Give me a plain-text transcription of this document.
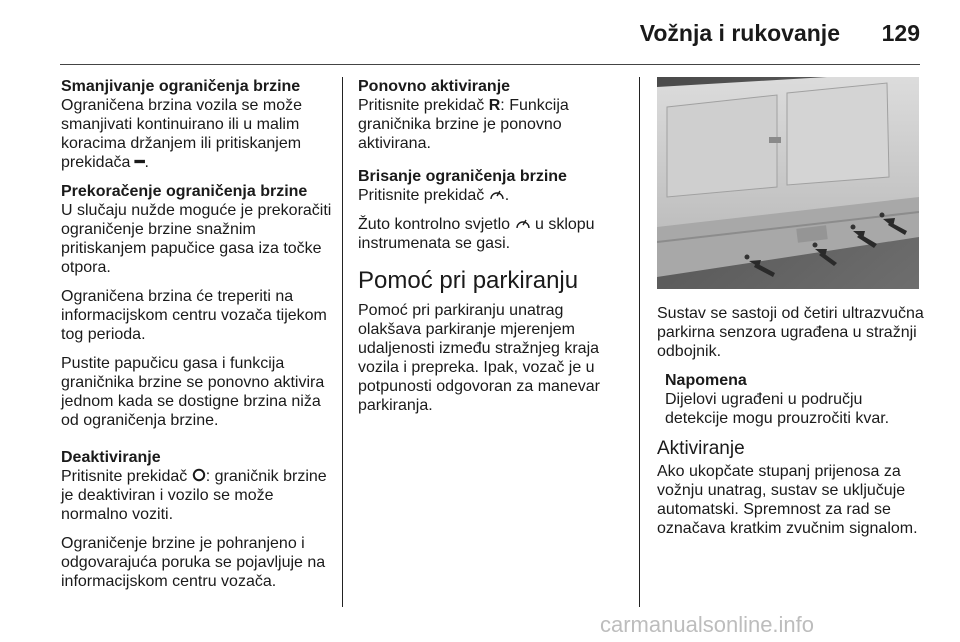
Vožnja i rukovanje 129

Smanjivanje ograničenja brzine
Ograničena brzina vozila se može smanjivati kontinuirano ili u malim koracima držanjem ili pritiskanjem prekidača ━.

Prekoračenje ograničenja brzine
U slučaju nužde moguće je prekoračiti ograničenje brzine snažnim pritiskanjem papučice gasa iza točke otpora.

Ograničena brzina će treperiti na informacijskom centru vozača tijekom tog perioda.

Pustite papučicu gasa i funkcija graničnika brzine se ponovno aktivira jednom kada se dostigne brzina niža od ograničenja brzine.

Deaktiviranje
Pritisnite prekidač : graničnik brzine je deaktiviran i vozilo se može normalno voziti.

Ograničenje brzine je pohranjeno i odgovarajuća poruka se pojavljuje na informacijskom centru vozača.

Ponovno aktiviranje
Pritisnite prekidač R: Funkcija graničnika brzine je ponovno aktivirana.

Brisanje ograničenja brzine
Pritisnite prekidač .

Žuto kontrolno svjetlo u sklopu instrumenata se gasi.

Pomoć pri parkiranju

Pomoć pri parkiranju unatrag olakšava parkiranje mjerenjem udaljenosti između stražnjeg kraja vozila i prepreka. Ipak, vozač je u potpunosti odgovoran za manevar parkiranja.

Sustav se sastoji od četiri ultrazvučna parkirna senzora ugrađena u stražnji odbojnik.

Napomena
Dijelovi ugrađeni u području detekcije mogu prouzročiti kvar.
Aktiviranje

Ako ukopčate stupanj prijenosa za vožnju unatrag, sustav se uključuje automatski. Spremnost za rad se označava kratkim zvučnim signalom.

carmanualsonline.info
